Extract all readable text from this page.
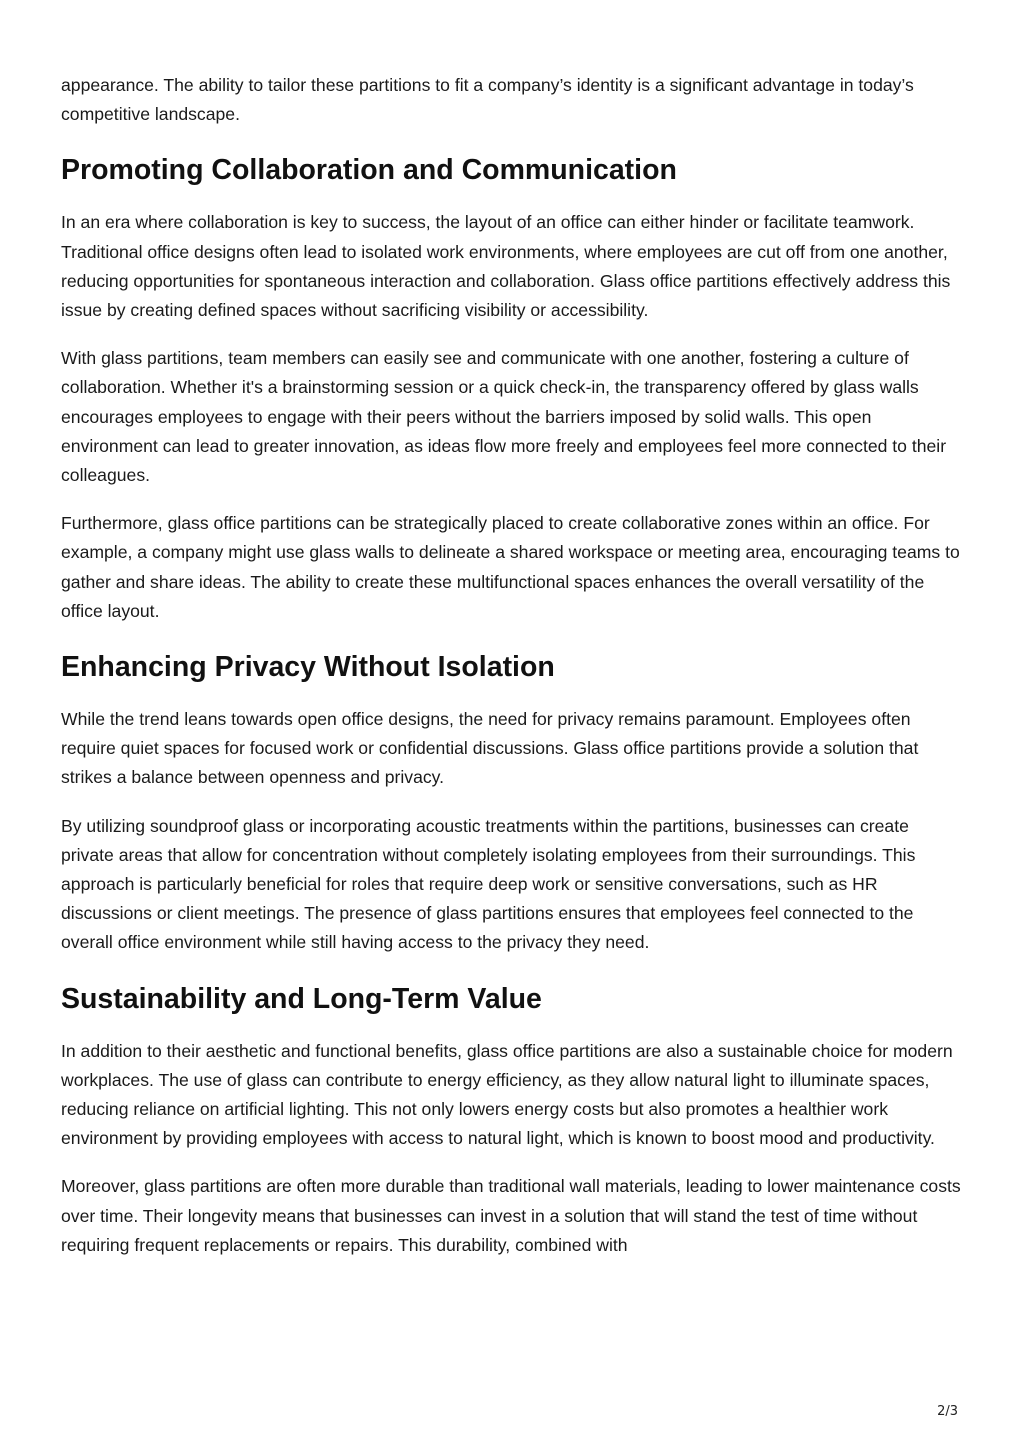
appearance. The ability to tailor these partitions to fit a company’s identity is a significant advantage in today’s competitive landscape.

Promoting Collaboration and Communication

In an era where collaboration is key to success, the layout of an office can either hinder or facilitate teamwork. Traditional office designs often lead to isolated work environments, where employees are cut off from one another, reducing opportunities for spontaneous interaction and collaboration. Glass office partitions effectively address this issue by creating defined spaces without sacrificing visibility or accessibility.

With glass partitions, team members can easily see and communicate with one another, fostering a culture of collaboration. Whether it's a brainstorming session or a quick check-in, the transparency offered by glass walls encourages employees to engage with their peers without the barriers imposed by solid walls. This open environment can lead to greater innovation, as ideas flow more freely and employees feel more connected to their colleagues.

Furthermore, glass office partitions can be strategically placed to create collaborative zones within an office. For example, a company might use glass walls to delineate a shared workspace or meeting area, encouraging teams to gather and share ideas. The ability to create these multifunctional spaces enhances the overall versatility of the office layout.

Enhancing Privacy Without Isolation

While the trend leans towards open office designs, the need for privacy remains paramount. Employees often require quiet spaces for focused work or confidential discussions. Glass office partitions provide a solution that strikes a balance between openness and privacy.

By utilizing soundproof glass or incorporating acoustic treatments within the partitions, businesses can create private areas that allow for concentration without completely isolating employees from their surroundings. This approach is particularly beneficial for roles that require deep work or sensitive conversations, such as HR discussions or client meetings. The presence of glass partitions ensures that employees feel connected to the overall office environment while still having access to the privacy they need.

Sustainability and Long-Term Value

In addition to their aesthetic and functional benefits, glass office partitions are also a sustainable choice for modern workplaces. The use of glass can contribute to energy efficiency, as they allow natural light to illuminate spaces, reducing reliance on artificial lighting. This not only lowers energy costs but also promotes a healthier work environment by providing employees with access to natural light, which is known to boost mood and productivity.

Moreover, glass partitions are often more durable than traditional wall materials, leading to lower maintenance costs over time. Their longevity means that businesses can invest in a solution that will stand the test of time without requiring frequent replacements or repairs. This durability, combined with

2/3
